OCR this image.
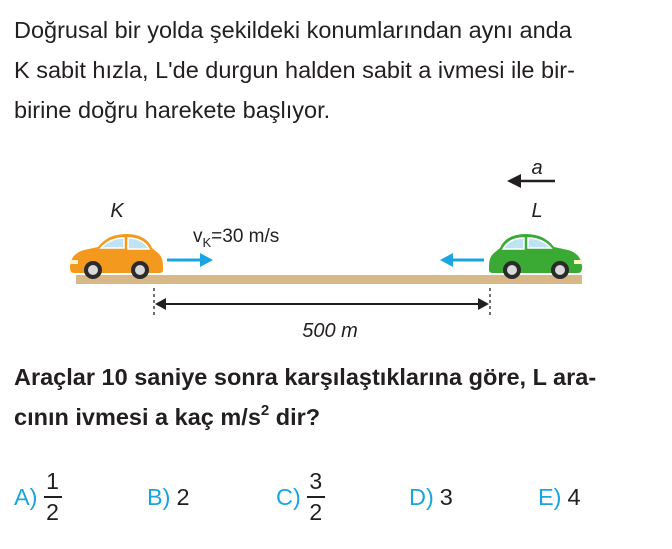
Doğrusal bir yolda şekildeki konumlarından aynı anda
K sabit hızla, L'de durgun halden sabit a ivmesi ile bir-
birine doğru harekete başlıyor.

K
$v_K=30$ m/s
L
a
500 m

Araçlar 10 saniye sonra karşılaştıklarına göre, L ara-
cının ivmesi a kaç $m/s^2$ dir?

$A) \frac{1}{2}$	B) 2	$C) \frac{3}{2}$	D) 3	E) 4
